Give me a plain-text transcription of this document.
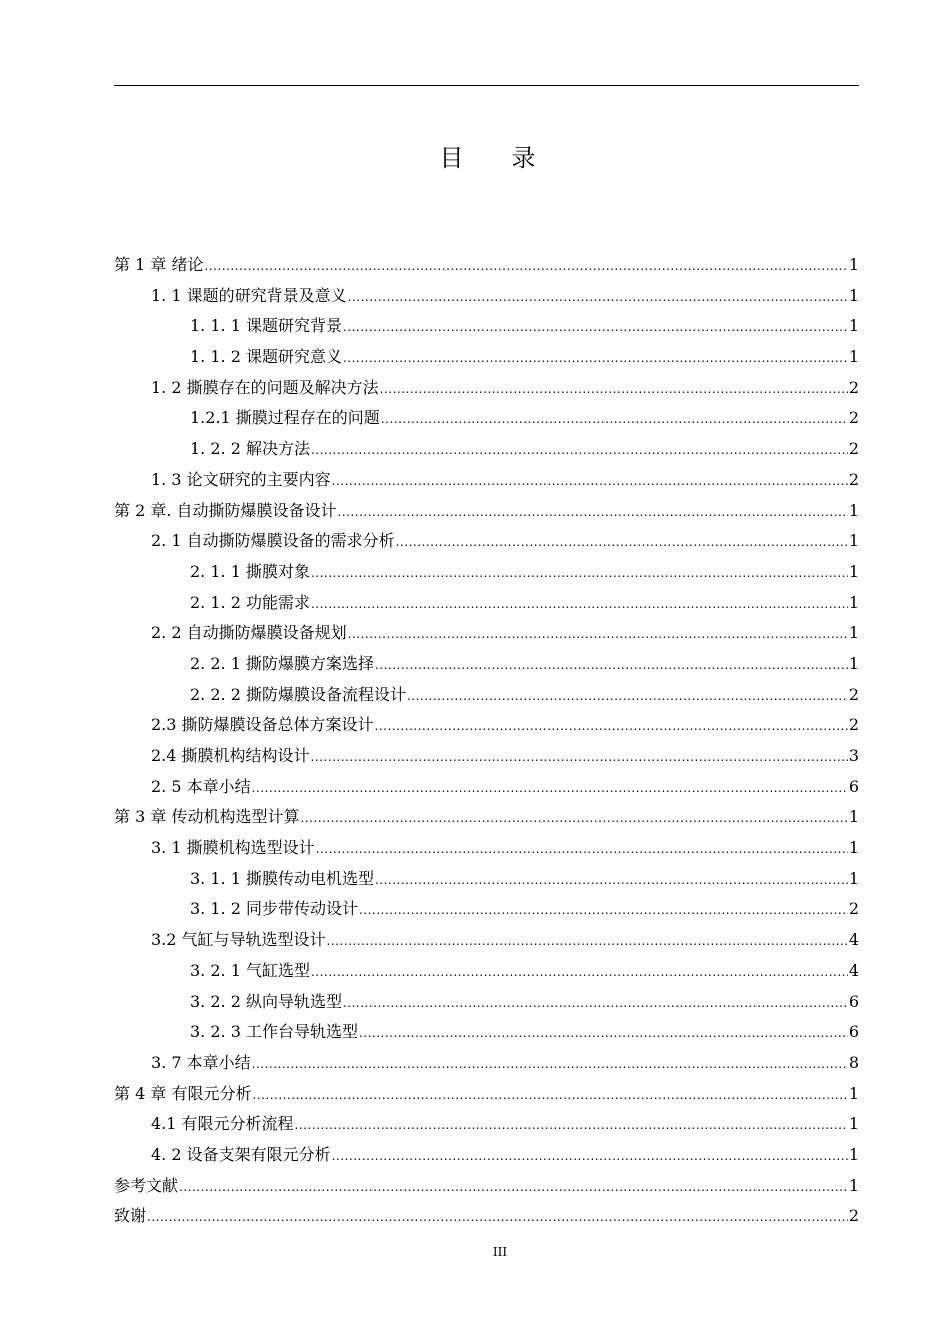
目　　录
第 1 章 绪论 .....	1
1. 1 课题的研究背景及意义 .....	1
1. 1. 1 课题研究背景 .....	1
1. 1. 2 课题研究意义 .....	1
1. 2 撕膜存在的问题及解决方法 .....	2
1.2.1 撕膜过程存在的问题 .....	2
1. 2. 2 解决方法 .....	2
1. 3 论文研究的主要内容 .....	2
第 2 章. 自动撕防爆膜设备设计 .....	1
2. 1 自动撕防爆膜设备的需求分析 .....	1
2. 1. 1 撕膜对象 .....	1
2. 1. 2 功能需求 .....	1
2. 2 自动撕防爆膜设备规划 .....	1
2. 2. 1 撕防爆膜方案选择 .....	1
2. 2. 2 撕防爆膜设备流程设计 .....	2
2.3 撕防爆膜设备总体方案设计 .....	2
2.4 撕膜机构结构设计 .....	3
2. 5 本章小结 .....	6
第 3 章 传动机构选型计算 .....	1
3. 1 撕膜机构选型设计 .....	1
3. 1. 1 撕膜传动电机选型 .....	1
3. 1. 2 同步带传动设计 .....	2
3.2 气缸与导轨选型设计 .....	4
3. 2. 1 气缸选型 .....	4
3. 2. 2 纵向导轨选型 .....	6
3. 2. 3 工作台导轨选型 .....	6
3. 7 本章小结 .....	8
第 4 章 有限元分析 .....	1
4.1 有限元分析流程 .....	1
4. 2 设备支架有限元分析 .....	1
参考文献 .....	1
致谢 .....	2
III
